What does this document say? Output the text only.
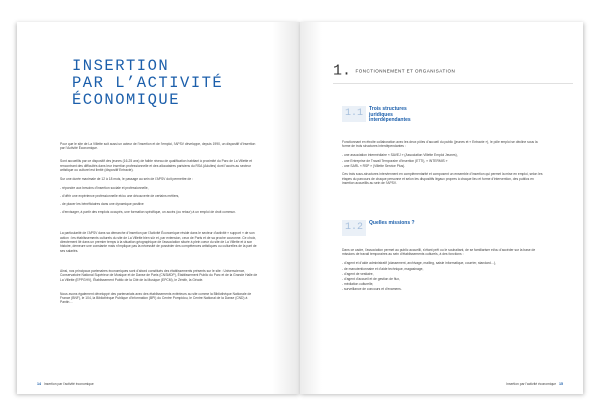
INSERTION
PAR L’ACTIVITÉ
ÉCONOMIQUE

Pour que le site de La Villette soit aussi un acteur de l’insertion et de l’emploi, l’APSV développe, depuis 1990, un dispositif d’Insertion par l’Activité Économique.

Sont accueillis par ce dispositif des jeunes (16-25 ans) de faible niveau de qualification habitant à proximité du Parc de La Villette et rencontrant des difficultés dans leur insertion professionnelle et des allocataires parisiens du RSA (Adultes) dont l’accès au secteur artistique ou culturel est limité (dispositif Entracte).

Sur une durée maximale de 12 à 18 mois, le passage au sein de l’APSV doit permettre de :

- répondre aux besoins d’insertion sociale et professionnelle,
- d’offrir une expérience professionnelle et/ou une découverte de certains métiers,
- de placer les bénéficiaires dans une dynamique positive
- d’envisager, à partir des emplois occupés, une formation spécifique, un accès (ou retour) à un emploi de droit commun.

La particularité de l’APSV dans sa démarche d’Insertion par l’Activité Économique réside dans le secteur d’activité « support » de son action : les établissements culturels du site de La Villette bien sûr et, par extension, ceux de Paris et de sa proche couronne. Ce choix, directement lié dans un premier temps à la situation géographique de l’association située à plein cœur du site de La Villette et à son histoire, demeure une constante mais n’implique pas la nécessité de posséder des compétences artistiques ou culturelles de la part de ses salariés.

Ainsi, nos principaux partenaires économiques sont d’abord constitués des établissements présents sur le site : Universcience, Conservatoire National Supérieur de Musique et de Danse de Paris (CNSMDP), Établissement Public du Parc et de la Grande Halle de La Villette (EPPGHV), Établissement Public de la Cité de la Musique (EPCM), le Zénith, la Géode.

Nous avons également développé des partenariats avec des établissements extérieurs au site comme la Bibliothèque Nationale de France (BNF), le 104, la Bibliothèque Publique d’Information (BPI) du Centre Pompidou, le Centre National de la Danse (CND) à Pantin…

14 Insertion par l’activité économique
1. FONCTIONNEMENT ET ORGANISATION
1.1	Trois structures juridiques interdépendantes

Fonctionnant en étroite collaboration avec les deux pôles d’accueil du public (jeunes et « Entracte »), le pôle emploi se décline sous la forme de trois structures interdépendantes :

- une association intermédiaire « SAVEJ » (Association Villette Emploi Jeunes),
- une Entreprise de Travail Temporaire d’Insertion (ETTI), « INTERMIS »
- une SARL « RSP » (Villette Service Plus).

Ces trois sous-structures interviennent en complémentarité et composent un ensemble d’insertion qui permet la mise en emploi, selon les étapes du parcours de chaque personne et selon les dispositifs légaux propres à chaque lieu et forme d’intervention, des publics en insertion accueillis au sein de l’APSV.

1.2	Quelles missions ?

Dans ce cadre, l’association permet au public accueilli, s’étant prêt ou le souhaitant, de se familiariser et/ou d’accéder sur la base de missions de travail temporaires au sein d’établissements culturels, à des fonctions :

- d’agent et d’aide administratif (classement, archivage, mailing, saisie informatique, courrier, standard…),
- de manutentionnaire et d’aide technique, magasinage,
- d’agent de vestiaire,
- d’agent d’accueil et de gestion de flux,
- médiation culturelle,
- surveillance de concours et d’examens.
Insertion par l’activité économique 15
